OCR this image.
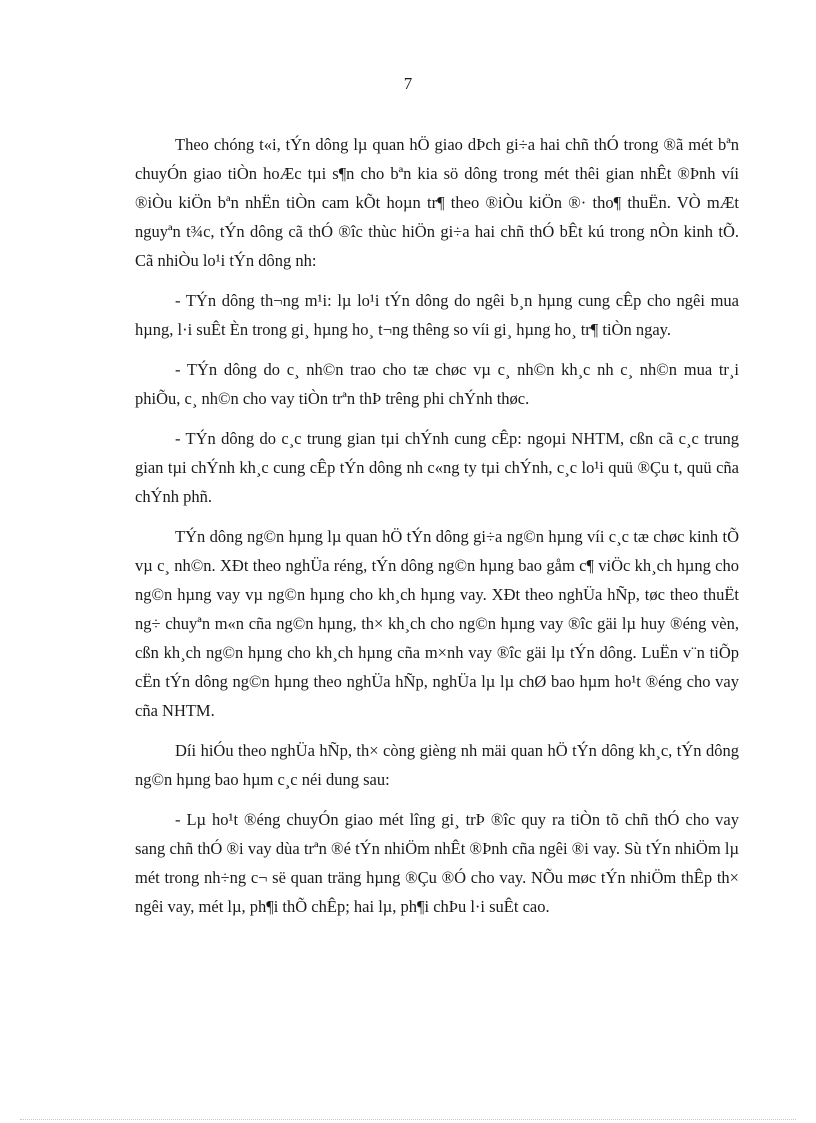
7

Theo chóng t«i, tÝn dông lµ quan hÖ giao dÞch gi÷a hai chñ thÓ trong ®ã mét bªn chuyÓn giao tiÒn hoÆc tµi s¶n cho bªn kia sö dông trong mét thêi gian nhÊt ®Þnh víi ®iÒu kiÖn bªn nhËn tiÒn cam kÕt hoµn tr¶ theo ®iÒu kiÖn ®· tho¶ thuËn. VÒ mÆt nguyªn t¾c, tÝn dông cã thÓ ®îc thùc hiÖn gi÷a hai chñ thÓ bÊt kú trong nÒn kinh tÕ. Cã nhiÒu lo¹i tÝn dông nh:

- TÝn dông th¬ng m¹i: lµ lo¹i tÝn dông do ngêi b¸n hµng cung cÊp cho ngêi mua hµng, l·i suÊt Èn trong gi¸ hµng ho¸ t¬ng thêng so víi gi¸ hµng ho¸ tr¶ tiÒn ngay.

- TÝn dông do c¸ nh©n trao cho tæ chøc vµ c¸ nh©n kh¸c nh c¸ nh©n mua tr¸i phiÕu, c¸ nh©n cho vay tiÒn trªn thÞ trêng phi chÝnh thøc.

- TÝn dông do c¸c trung gian tµi chÝnh cung cÊp: ngoµi NHTM, cßn cã c¸c trung gian tµi chÝnh kh¸c cung cÊp tÝn dông nh c«ng ty tµi chÝnh, c¸c lo¹i quü ®Çu t, quü cña chÝnh phñ.

TÝn dông ng©n hµng lµ quan hÖ tÝn dông gi÷a ng©n hµng víi c¸c tæ chøc kinh tÕ vµ c¸ nh©n. XÐt theo nghÜa réng, tÝn dông ng©n hµng bao gåm c¶ viÖc kh¸ch hµng cho ng©n hµng vay vµ ng©n hµng cho kh¸ch hµng vay. XÐt theo nghÜa hÑp, tøc theo thuËt ng÷ chuyªn m«n cña ng©n hµng, th× kh¸ch cho ng©n hµng vay ®îc gäi lµ huy ®éng vèn, cßn kh¸ch ng©n hµng cho kh¸ch hµng cña m×nh vay ®îc gäi lµ tÝn dông. LuËn v¨n tiÕp cËn tÝn dông ng©n hµng theo nghÜa hÑp, nghÜa lµ lµ chØ bao hµm ho¹t ®éng cho vay cña NHTM.

Díi hiÓu theo nghÜa hÑp, th× còng gièng nh mäi quan hÖ tÝn dông kh¸c, tÝn dông ng©n hµng bao hµm c¸c néi dung sau:

- Lµ ho¹t ®éng chuyÓn giao mét lîng gi¸ trÞ ®îc quy ra tiÒn tõ chñ thÓ cho vay sang chñ thÓ ®i vay dùa trªn ®é tÝn nhiÖm nhÊt ®Þnh cña ngêi ®i vay. Sù tÝn nhiÖm lµ mét trong nh÷ng c¬ së quan träng hµng ®Çu ®Ó cho vay. NÕu møc tÝn nhiÖm thÊp th× ngêi vay, mét lµ, ph¶i thÕ chÊp; hai lµ, ph¶i chÞu l·i suÊt cao.
